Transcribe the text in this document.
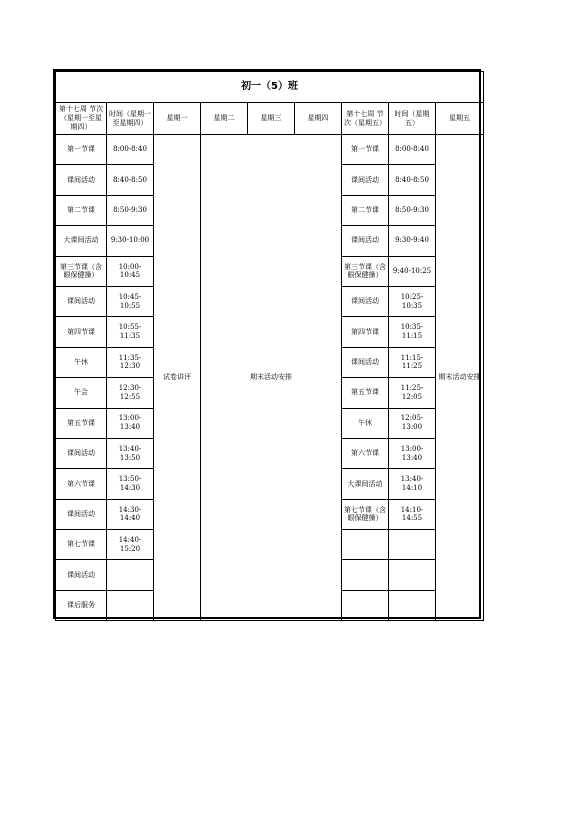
初一（5）班								
第十七周 节次（星期一至星期四）	时间（星期一至星期四）	星期一	星期二	星期三	星期四	第十七周 节次（星期五）	时间（星期五）	星期五
第一节课	8:00-8:40	试卷讲评	期末活动安排			第一节课	8:00-8:40	期末活动安排
课间活动	8:40-8:50					课间活动	8:40-8:50	
第二节课	8:50-9:30					第二节课	8:50-9:30	
大课间活动	9:30-10:00					课间活动	9:30-9:40	
第三节课（含眼保健操）	10:00-10:45					第三节课（含眼保健操）	9:40-10:25	
课间活动	10:45-10:55					课间活动	10:25-10:35	
第四节课	10:55-11:35					第四节课	10:35-11:15	
午休	11:35-12:30					课间活动	11:15-11:25	
午会	12:30-12:55					第五节课	11:25-12:05	
第五节课	13:00-13:40					午休	12:05-13:00	
课间活动	13:40-13:50					第六节课	13:00-13:40	
第六节课	13:50-14:30					大课间活动	13:40-14:10	
课间活动	14:30-14:40					第七节课（含眼保健操）	14:10-14:55	
第七节课	14:40-15:20							
课间活动								
课后服务								
